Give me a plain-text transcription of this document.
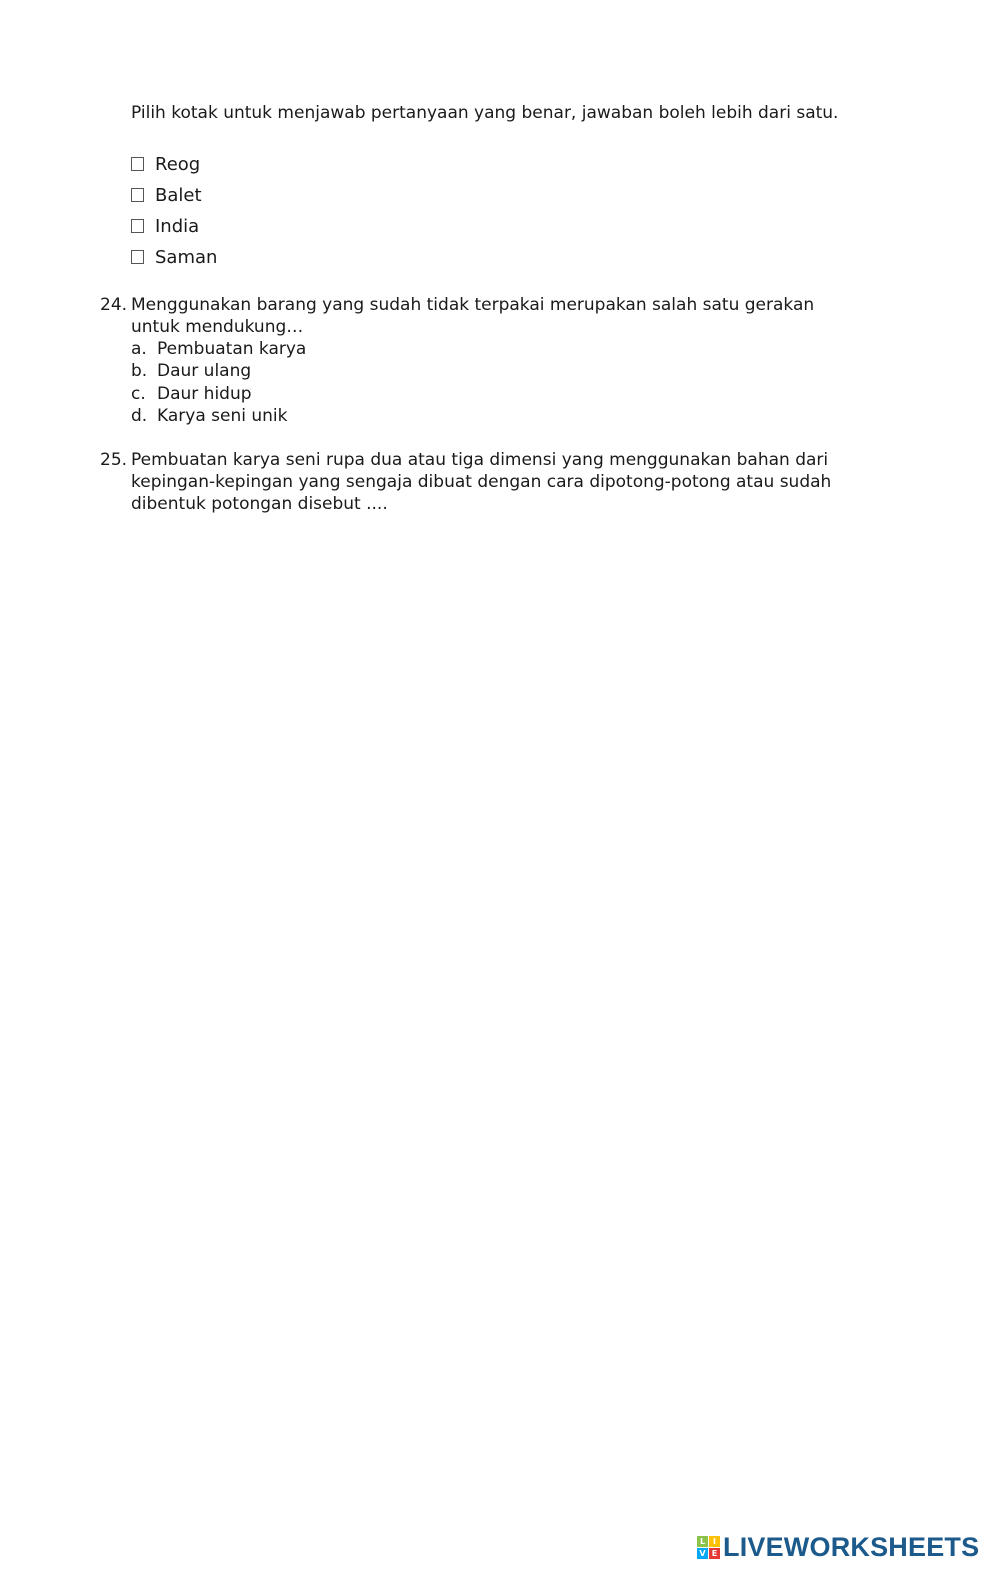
Pilih kotak untuk menjawab pertanyaan yang benar, jawaban boleh lebih dari satu.
Reog
Balet
India
Saman
24. Menggunakan barang yang sudah tidak terpakai merupakan salah satu gerakan untuk mendukung…
a. Pembuatan karya
b. Daur ulang
c. Daur hidup
d. Karya seni unik
25. Pembuatan karya seni rupa dua atau tiga dimensi yang menggunakan bahan dari kepingan-kepingan yang sengaja dibuat dengan cara dipotong-potong atau sudah dibentuk potongan disebut ....
L I
V E LIVEWORKSHEETS
